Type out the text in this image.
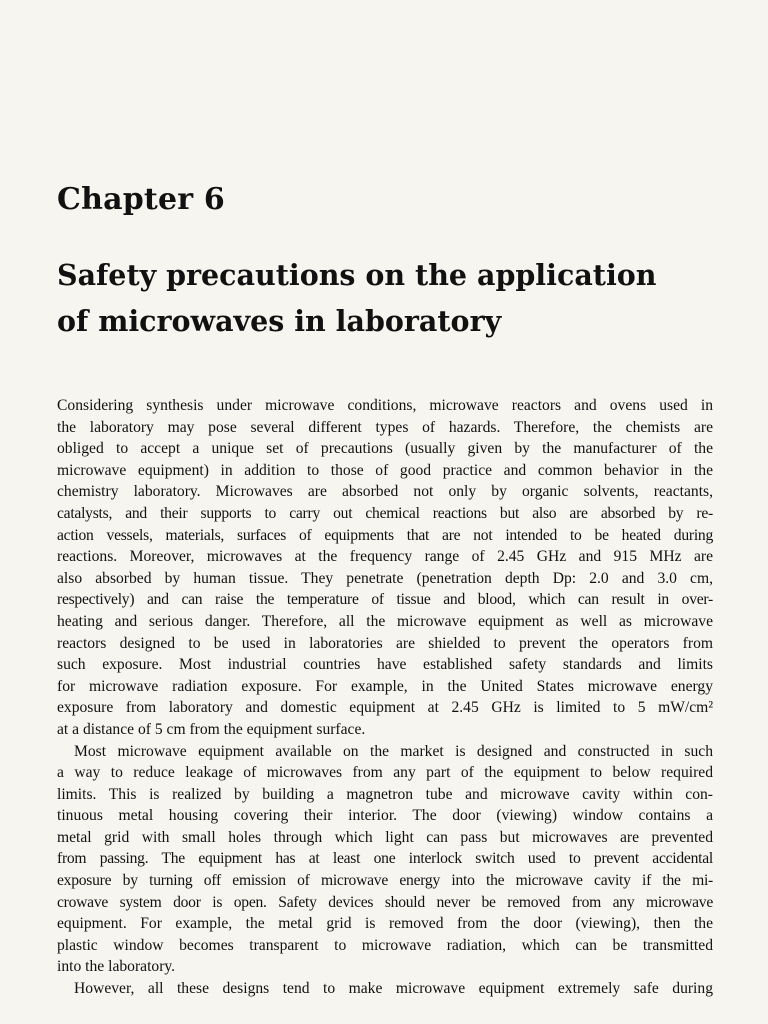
Chapter 6
Safety precautions on the application
of microwaves in laboratory
Considering synthesis under microwave conditions, microwave reactors and ovens used in
the laboratory may pose several different types of hazards. Therefore, the chemists are
obliged to accept a unique set of precautions (usually given by the manufacturer of the
microwave equipment) in addition to those of good practice and common behavior in the
chemistry laboratory. Microwaves are absorbed not only by organic solvents, reactants,
catalysts, and their supports to carry out chemical reactions but also are absorbed by re-
action vessels, materials, surfaces of equipments that are not intended to be heated during
reactions. Moreover, microwaves at the frequency range of 2.45 GHz and 915 MHz are
also absorbed by human tissue. They penetrate (penetration depth Dp: 2.0 and 3.0 cm,
respectively) and can raise the temperature of tissue and blood, which can result in over-
heating and serious danger. Therefore, all the microwave equipment as well as microwave
reactors designed to be used in laboratories are shielded to prevent the operators from
such exposure. Most industrial countries have established safety standards and limits
for microwave radiation exposure. For example, in the United States microwave energy
exposure from laboratory and domestic equipment at 2.45 GHz is limited to 5 mW/cm²
at a distance of 5 cm from the equipment surface.
Most microwave equipment available on the market is designed and constructed in such
a way to reduce leakage of microwaves from any part of the equipment to below required
limits. This is realized by building a magnetron tube and microwave cavity within con-
tinuous metal housing covering their interior. The door (viewing) window contains a
metal grid with small holes through which light can pass but microwaves are prevented
from passing. The equipment has at least one interlock switch used to prevent accidental
exposure by turning off emission of microwave energy into the microwave cavity if the mi-
crowave system door is open. Safety devices should never be removed from any microwave
equipment. For example, the metal grid is removed from the door (viewing), then the
plastic window becomes transparent to microwave radiation, which can be transmitted
into the laboratory.
However, all these designs tend to make microwave equipment extremely safe during
